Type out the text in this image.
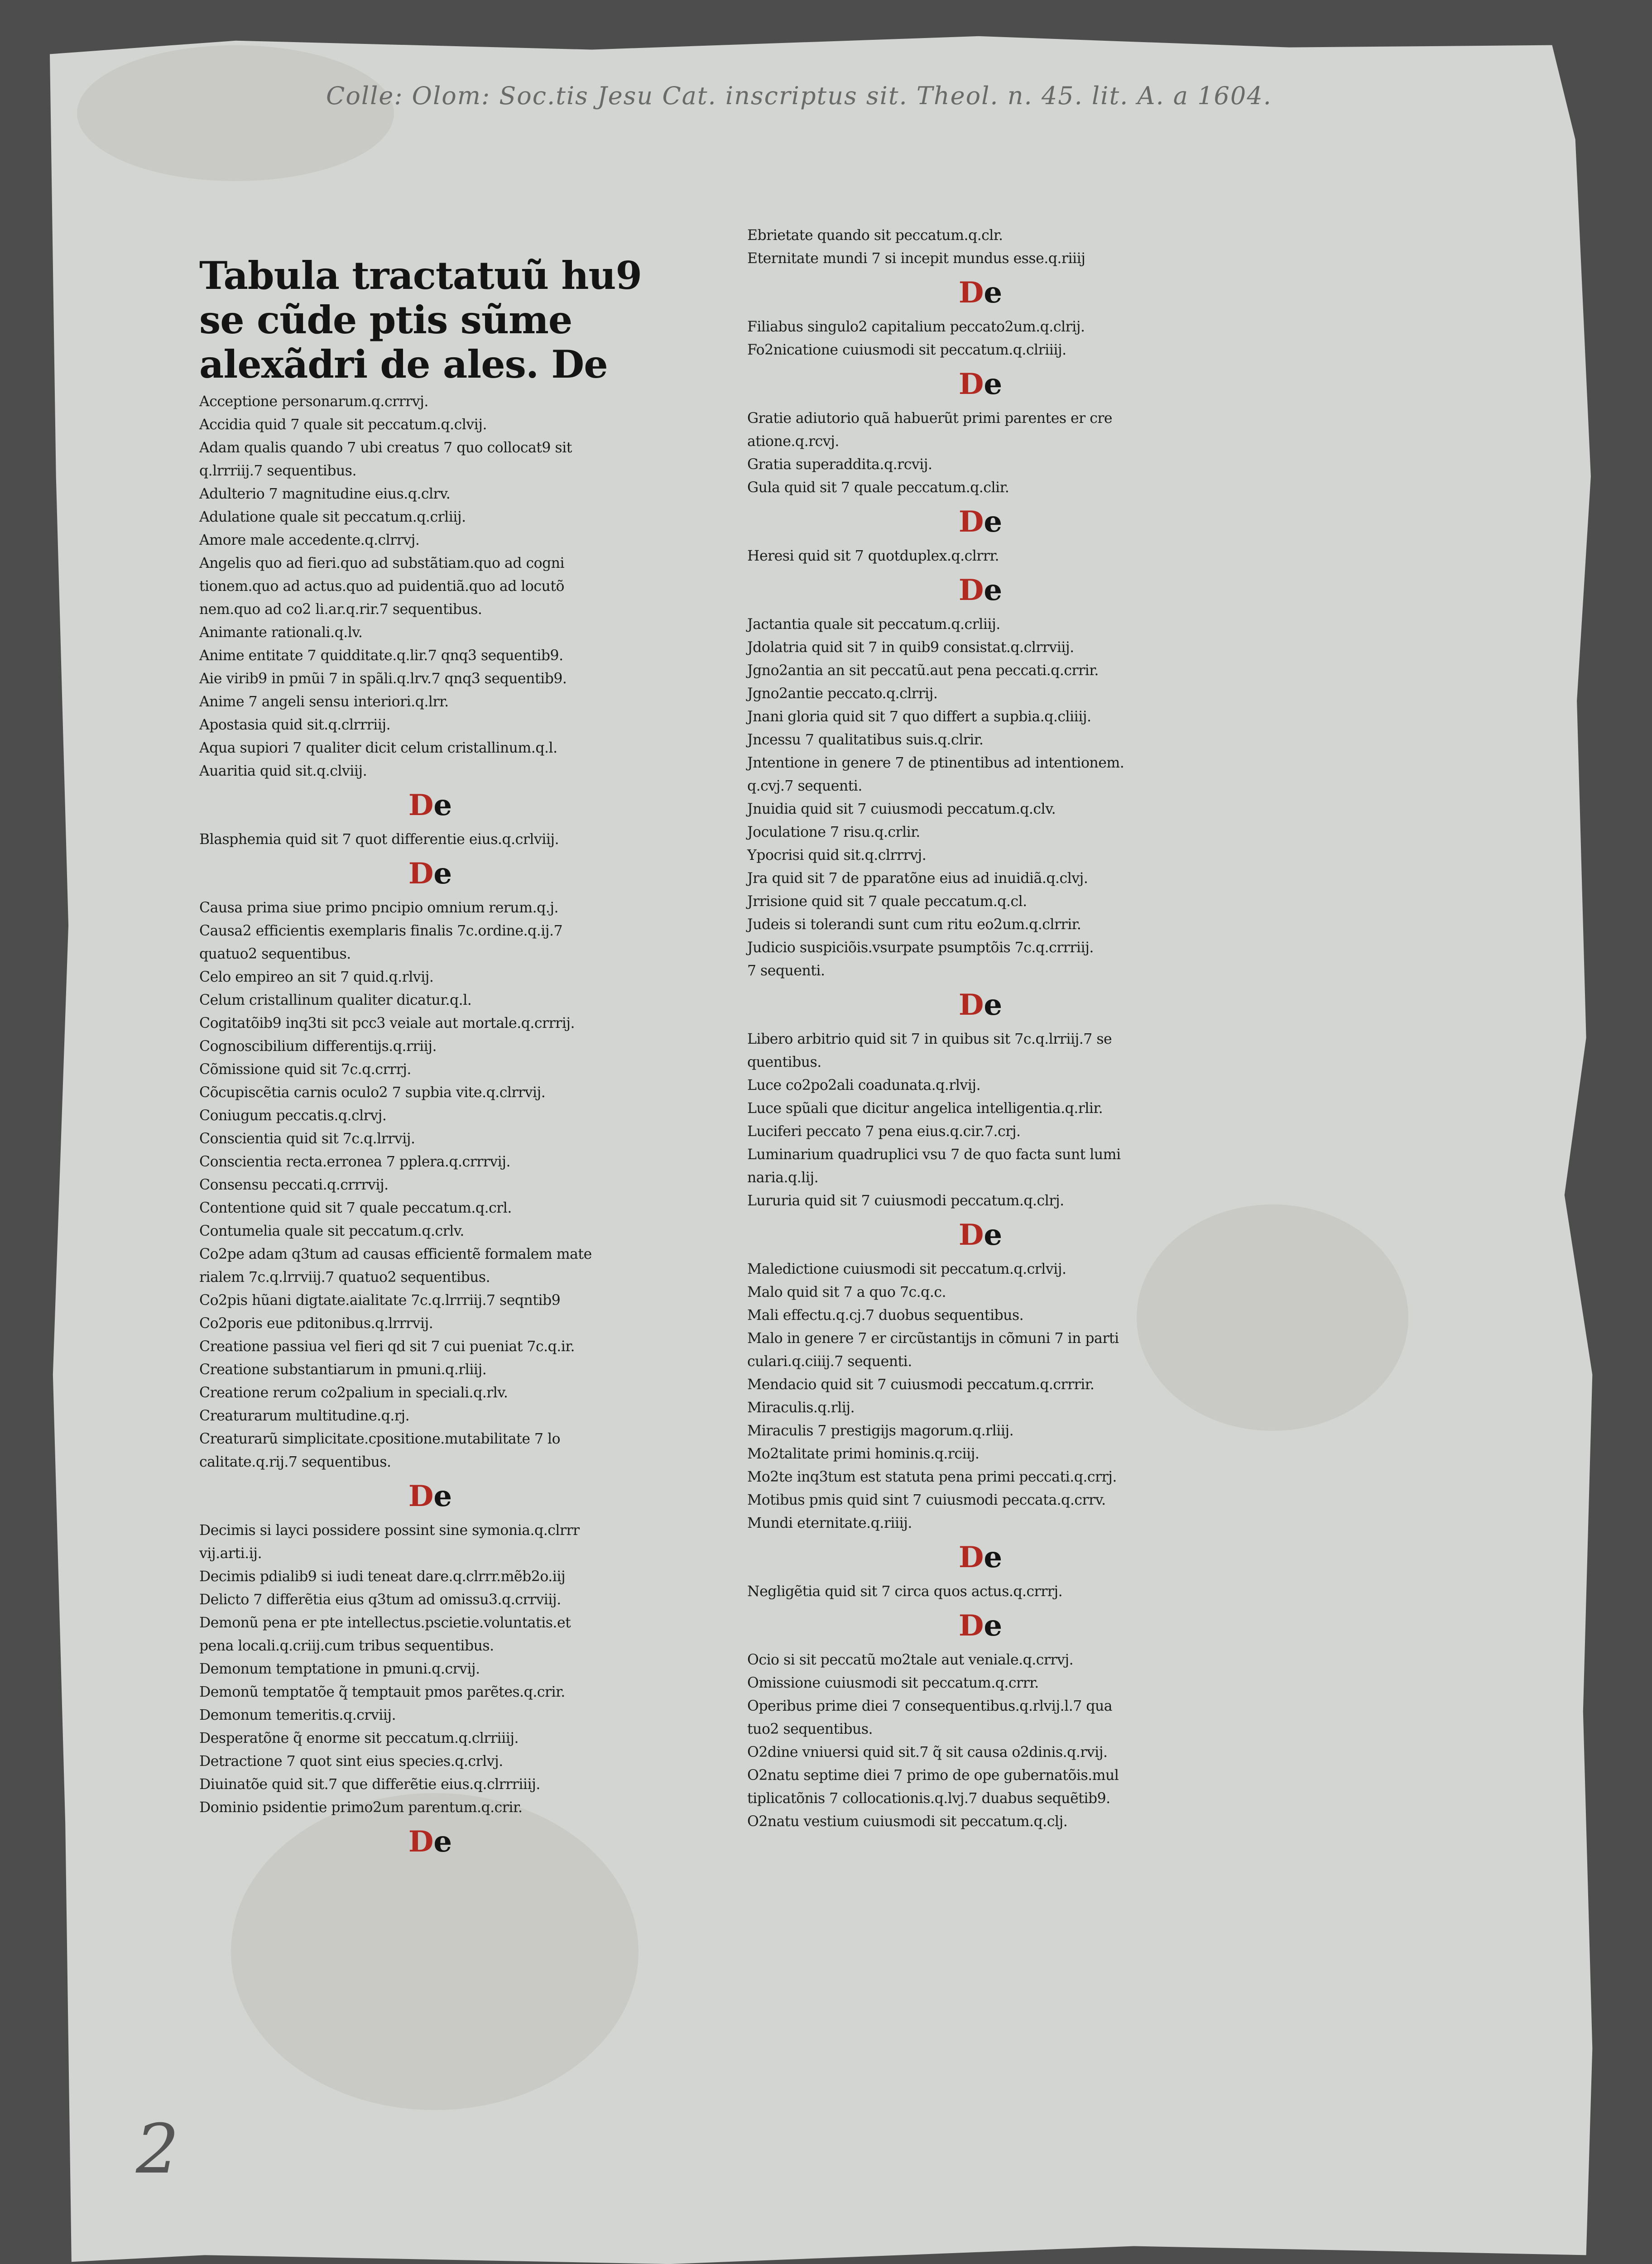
Colle: Olom: Soc.tis Jesu Cat. inscriptus sit. Theol. n. 45. lit. A. a 1604.
Tabula tractatuũ hu9 se cũde ptis sũme alexãdri de ales. De
Acceptione personarum.q.crrrvj.
Accidia quid 7 quale sit peccatum.q.clvij.
Adam qualis quando 7 ubi creatus 7 quo collocat9 sit
q.lrrriij.7 sequentibus.
Adulterio 7 magnitudine eius.q.clrv.
Adulatione quale sit peccatum.q.crliij.
Amore male accedente.q.clrrvj.
Angelis quo ad fieri.quo ad substãtiam.quo ad cogni
tionem.quo ad actus.quo ad puidentiã.quo ad locutõ
nem.quo ad co2 li.ar.q.rir.7 sequentibus.
Animante rationali.q.lv.
Anime entitate 7 quidditate.q.lir.7 qnq3 sequentib9.
Aie virib9 in pmũi 7 in spãli.q.lrv.7 qnq3 sequentib9.
Anime 7 angeli sensu interiori.q.lrr.
Apostasia quid sit.q.clrrriij.
Aqua supiori 7 qualiter dicit celum cristallinum.q.l.
Auaritia quid sit.q.clviij.
De
Blasphemia quid sit 7 quot differentie eius.q.crlviij.
De
Causa prima siue primo pncipio omnium rerum.q.j.
Causa2 efficientis exemplaris finalis 7c.ordine.q.ij.7
quatuo2 sequentibus.
Celo empireo an sit 7 quid.q.rlvij.
Celum cristallinum qualiter dicatur.q.l.
Cogitatõib9 inq3ti sit pcc3 veiale aut mortale.q.crrrij.
Cognoscibilium differentijs.q.rriij.
Cõmissione quid sit 7c.q.crrrj.
Cõcupiscẽtia carnis oculo2 7 supbia vite.q.clrrvij.
Coniugum peccatis.q.clrvj.
Conscientia quid sit 7c.q.lrrvij.
Conscientia recta.erronea 7 pplera.q.crrrvij.
Consensu peccati.q.crrrvij.
Contentione quid sit 7 quale peccatum.q.crl.
Contumelia quale sit peccatum.q.crlv.
Co2pe adam q3tum ad causas efficientẽ formalem mate
rialem 7c.q.lrrviij.7 quatuo2 sequentibus.
Co2pis hũani digtate.aialitate 7c.q.lrrriij.7 seqntib9
Co2poris eue pditonibus.q.lrrrvij.
Creatione passiua vel fieri qd sit 7 cui pueniat 7c.q.ir.
Creatione substantiarum in pmuni.q.rliij.
Creatione rerum co2palium in speciali.q.rlv.
Creaturarum multitudine.q.rj.
Creaturarũ simplicitate.cpositione.mutabilitate 7 lo
calitate.q.rij.7 sequentibus.
De
Decimis si layci possidere possint sine symonia.q.clrrr
vij.arti.ij.
Decimis pdialib9 si iudi teneat dare.q.clrrr.mẽb2o.iij
Delicto 7 differẽtia eius q3tum ad omissu3.q.crrviij.
Demonũ pena er pte intellectus.pscietie.voluntatis.et
pena locali.q.criij.cum tribus sequentibus.
Demonum temptatione in pmuni.q.crvij.
Demonũ temptatõe q̃ temptauit pmos parẽtes.q.crir.
Demonum temeritis.q.crviij.
Desperatõne q̃ enorme sit peccatum.q.clrriiij.
Detractione 7 quot sint eius species.q.crlvj.
Diuinatõe quid sit.7 que differẽtie eius.q.clrrriiij.
Dominio psidentie primo2um parentum.q.crir.
De
Ebrietate quando sit peccatum.q.clr.
Eternitate mundi 7 si incepit mundus esse.q.riiij
De
Filiabus singulo2 capitalium peccato2um.q.clrij.
Fo2nicatione cuiusmodi sit peccatum.q.clriiij.
De
Gratie adiutorio quã habuerũt primi parentes er cre
atione.q.rcvj.
Gratia superaddita.q.rcvij.
Gula quid sit 7 quale peccatum.q.clir.
De
Heresi quid sit 7 quotduplex.q.clrrr.
De
Jactantia quale sit peccatum.q.crliij.
Jdolatria quid sit 7 in quib9 consistat.q.clrrviij.
Jgno2antia an sit peccatũ.aut pena peccati.q.crrir.
Jgno2antie peccato.q.clrrij.
Jnani gloria quid sit 7 quo differt a supbia.q.cliiij.
Jncessu 7 qualitatibus suis.q.clrir.
Jntentione in genere 7 de ptinentibus ad intentionem.
q.cvj.7 sequenti.
Jnuidia quid sit 7 cuiusmodi peccatum.q.clv.
Joculatione 7 risu.q.crlir.
Ypocrisi quid sit.q.clrrrvj.
Jra quid sit 7 de pparatõne eius ad inuidiã.q.clvj.
Jrrisione quid sit 7 quale peccatum.q.cl.
Judeis si tolerandi sunt cum ritu eo2um.q.clrrir.
Judicio suspiciõis.vsurpate psumptõis 7c.q.crrriij.
7 sequenti.
De
Libero arbitrio quid sit 7 in quibus sit 7c.q.lrriij.7 se
quentibus.
Luce co2po2ali coadunata.q.rlvij.
Luce spũali que dicitur angelica intelligentia.q.rlir.
Luciferi peccato 7 pena eius.q.cir.7.crj.
Luminarium quadruplici vsu 7 de quo facta sunt lumi
naria.q.lij.
Lururia quid sit 7 cuiusmodi peccatum.q.clrj.
De
Maledictione cuiusmodi sit peccatum.q.crlvij.
Malo quid sit 7 a quo 7c.q.c.
Mali effectu.q.cj.7 duobus sequentibus.
Malo in genere 7 er circũstantijs in cõmuni 7 in parti
culari.q.ciiij.7 sequenti.
Mendacio quid sit 7 cuiusmodi peccatum.q.crrrir.
Miraculis.q.rlij.
Miraculis 7 prestigijs magorum.q.rliij.
Mo2talitate primi hominis.q.rciij.
Mo2te inq3tum est statuta pena primi peccati.q.crrj.
Motibus pmis quid sint 7 cuiusmodi peccata.q.crrv.
Mundi eternitate.q.riiij.
De
Negligẽtia quid sit 7 circa quos actus.q.crrrj.
De
Ocio si sit peccatũ mo2tale aut veniale.q.crrvj.
Omissione cuiusmodi sit peccatum.q.crrr.
Operibus prime diei 7 consequentibus.q.rlvij.l.7 qua
tuo2 sequentibus.
O2dine vniuersi quid sit.7 q̃ sit causa o2dinis.q.rvij.
O2natu septime diei 7 primo de ope gubernatõis.mul
tiplicatõnis 7 collocationis.q.lvj.7 duabus sequẽtib9.
O2natu vestium cuiusmodi sit peccatum.q.clj.
2
